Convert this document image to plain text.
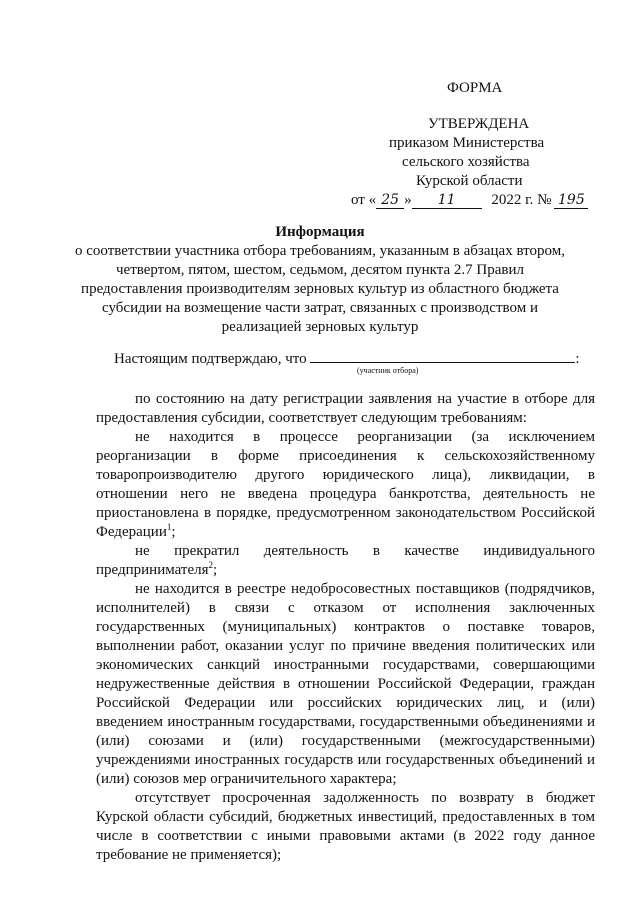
ФОРМА
УТВЕРЖДЕНА
приказом Министерства
сельского хозяйства
Курской области
от « 25 » 11 2022 г. № 195
Информация
о соответствии участника отбора требованиям, указанным в абзацах втором,
четвертом, пятом, шестом, седьмом, десятом пункта 2.7 Правил
предоставления производителям зерновых культур из областного бюджета
субсидии на возмещение части затрат, связанных с производством и
реализацией зерновых культур
Настоящим подтверждаю, что	:
(участник отбора)
по состоянию на дату регистрации заявления на участие в отборе для
предоставления субсидии, соответствует следующим требованиям:
не находится в процессе реорганизации (за исключением
реорганизации в форме присоединения к сельскохозяйственному
товаропроизводителю другого юридического лица), ликвидации, в
отношении него не введена процедура банкротства, деятельность не
приостановлена в порядке, предусмотренном законодательством Российской
Федерации$^1$;
не прекратил деятельность в качестве индивидуального
предпринимателя$^2$;
не находится в реестре недобросовестных поставщиков (подрядчиков,
исполнителей) в связи с отказом от исполнения заключенных
государственных (муниципальных) контрактов о поставке товаров,
выполнении работ, оказании услуг по причине введения политических или
экономических санкций иностранными государствами, совершающими
недружественные действия в отношении Российской Федерации, граждан
Российской Федерации или российских юридических лиц, и (или)
введением иностранным государствами, государственными объединениями и
(или) союзами и (или) государственными (межгосударственными)
учреждениями иностранных государств или государственных объединений и
(или) союзов мер ограничительного характера;
отсутствует просроченная задолженность по возврату в бюджет
Курской области субсидий, бюджетных инвестиций, предоставленных в том
числе в соответствии с иными правовыми актами (в 2022 году данное
требование не применяется);
